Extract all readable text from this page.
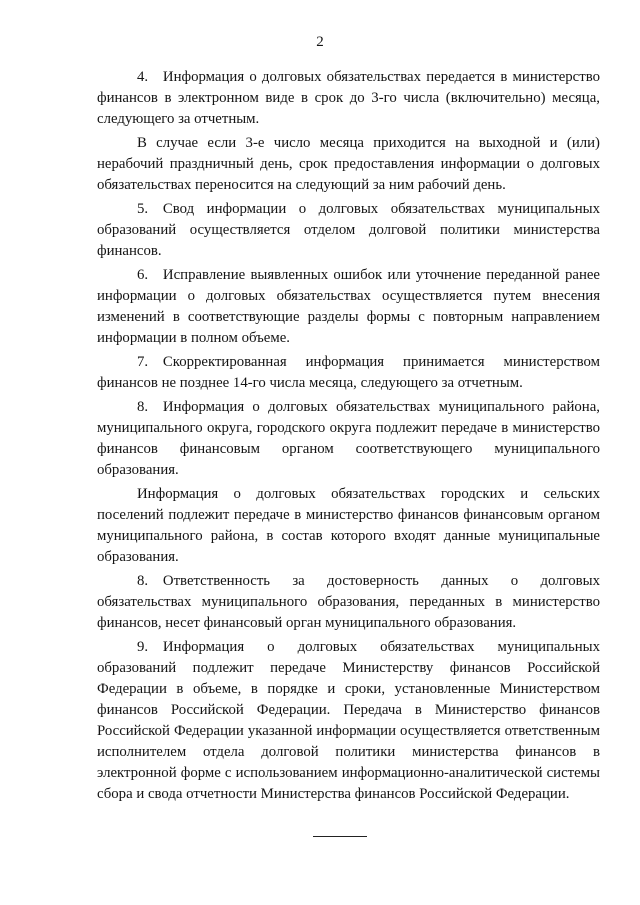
2

4. Информация о долговых обязательствах передается в министерство финансов в электронном виде в срок до 3-го числа (включительно) месяца, следующего за отчетным.

В случае если 3-е число месяца приходится на выходной и (или) нерабочий праздничный день, срок предоставления информации о долговых обязательствах переносится на следующий за ним рабочий день.

5. Свод информации о долговых обязательствах муниципальных образований осуществляется отделом долговой политики министерства финансов.

6. Исправление выявленных ошибок или уточнение переданной ранее информации о долговых обязательствах осуществляется путем внесения изменений в соответствующие разделы формы с повторным направлением информации в полном объеме.

7. Скорректированная информация принимается министерством финансов не позднее 14-го числа месяца, следующего за отчетным.

8. Информация о долговых обязательствах муниципального района, муниципального округа, городского округа подлежит передаче в министерство финансов финансовым органом соответствующего муниципального образования.

Информация о долговых обязательствах городских и сельских поселений подлежит передаче в министерство финансов финансовым органом муниципального района, в состав которого входят данные муниципальные образования.

8. Ответственность за достоверность данных о долговых обязательствах муниципального образования, переданных в министерство финансов, несет финансовый орган муниципального образования.

9. Информация о долговых обязательствах муниципальных образований подлежит передаче Министерству финансов Российской Федерации в объеме, в порядке и сроки, установленные Министерством финансов Российской Федерации. Передача в Министерство финансов Российской Федерации указанной информации осуществляется ответственным исполнителем отдела долговой политики министерства финансов в электронной форме с использованием информационно-аналитической системы сбора и свода отчетности Министерства финансов Российской Федерации.
